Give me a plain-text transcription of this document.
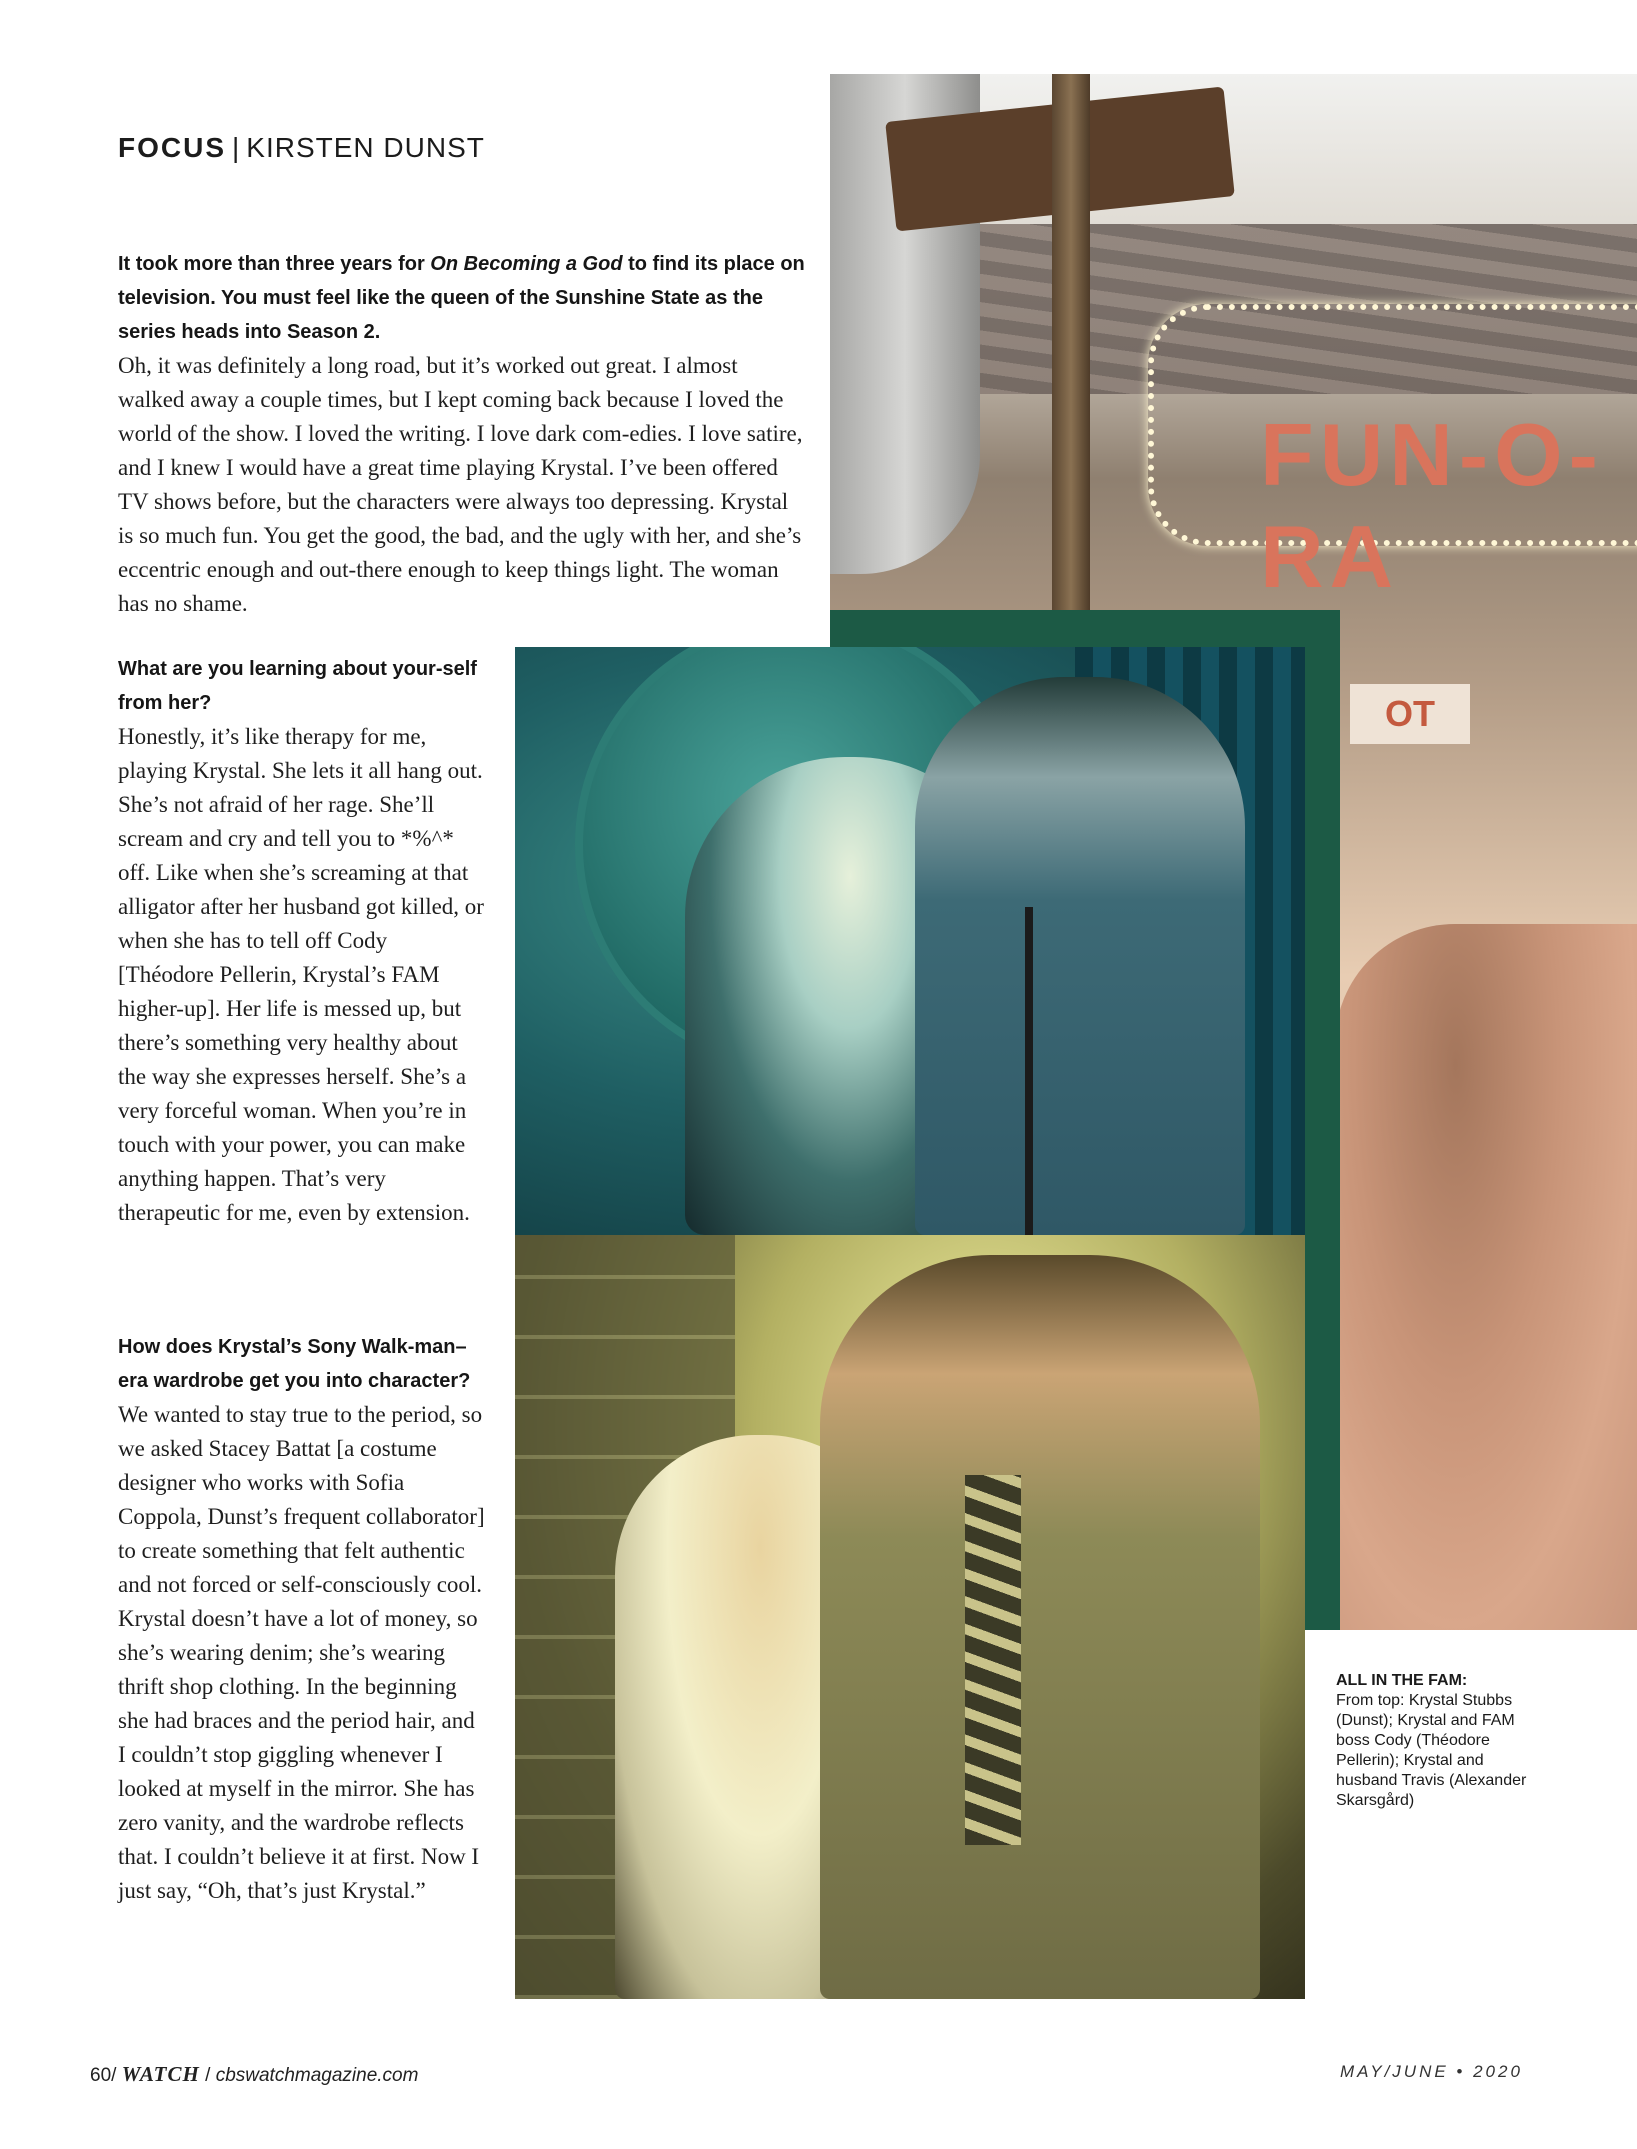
FUN-O-RA
OT
FOCUS | KIRSTEN DUNST

It took more than three years for On Becoming a God to find its place on television. You must feel like the queen of the Sunshine State as the series heads into Season 2.

Oh, it was definitely a long road, but it’s worked out great. I almost walked away a couple times, but I kept coming back because I loved the world of the show. I loved the writing. I love dark com-edies. I love satire, and I knew I would have a great time playing Krystal. I’ve been offered TV shows before, but the characters were always too depressing. Krystal is so much fun. You get the good, the bad, and the ugly with her, and she’s eccentric enough and out-there enough to keep things light. The woman has no shame.

What are you learning about your-self from her?

Honestly, it’s like therapy for me, playing Krystal. She lets it all hang out. She’s not afraid of her rage. She’ll scream and cry and tell you to *%^* off. Like when she’s screaming at that alligator after her husband got killed, or when she has to tell off Cody [Théodore Pellerin, Krystal’s FAM higher-up]. Her life is messed up, but there’s something very healthy about the way she expresses herself. She’s a very forceful woman. When you’re in touch with your power, you can make anything happen. That’s very therapeutic for me, even by extension.

How does Krystal’s Sony Walk-man–era wardrobe get you into character?

We wanted to stay true to the period, so we asked Stacey Battat [a costume designer who works with Sofia Coppola, Dunst’s frequent collaborator] to create something that felt authentic and not forced or self-consciously cool. Krystal doesn’t have a lot of money, so she’s wearing denim; she’s wearing thrift shop clothing. In the beginning she had braces and the period hair, and I couldn’t stop giggling whenever I looked at myself in the mirror. She has zero vanity, and the wardrobe reflects that. I couldn’t believe it at first. Now I just say, “Oh, that’s just Krystal.”

ALL IN THE FAM:
From top: Krystal Stubbs (Dunst); Krystal and FAM boss Cody (Théodore Pellerin); Krystal and husband Travis (Alexander Skarsgård)
60/ WATCH / cbswatchmagazine.com	MAY/JUNE • 2020
